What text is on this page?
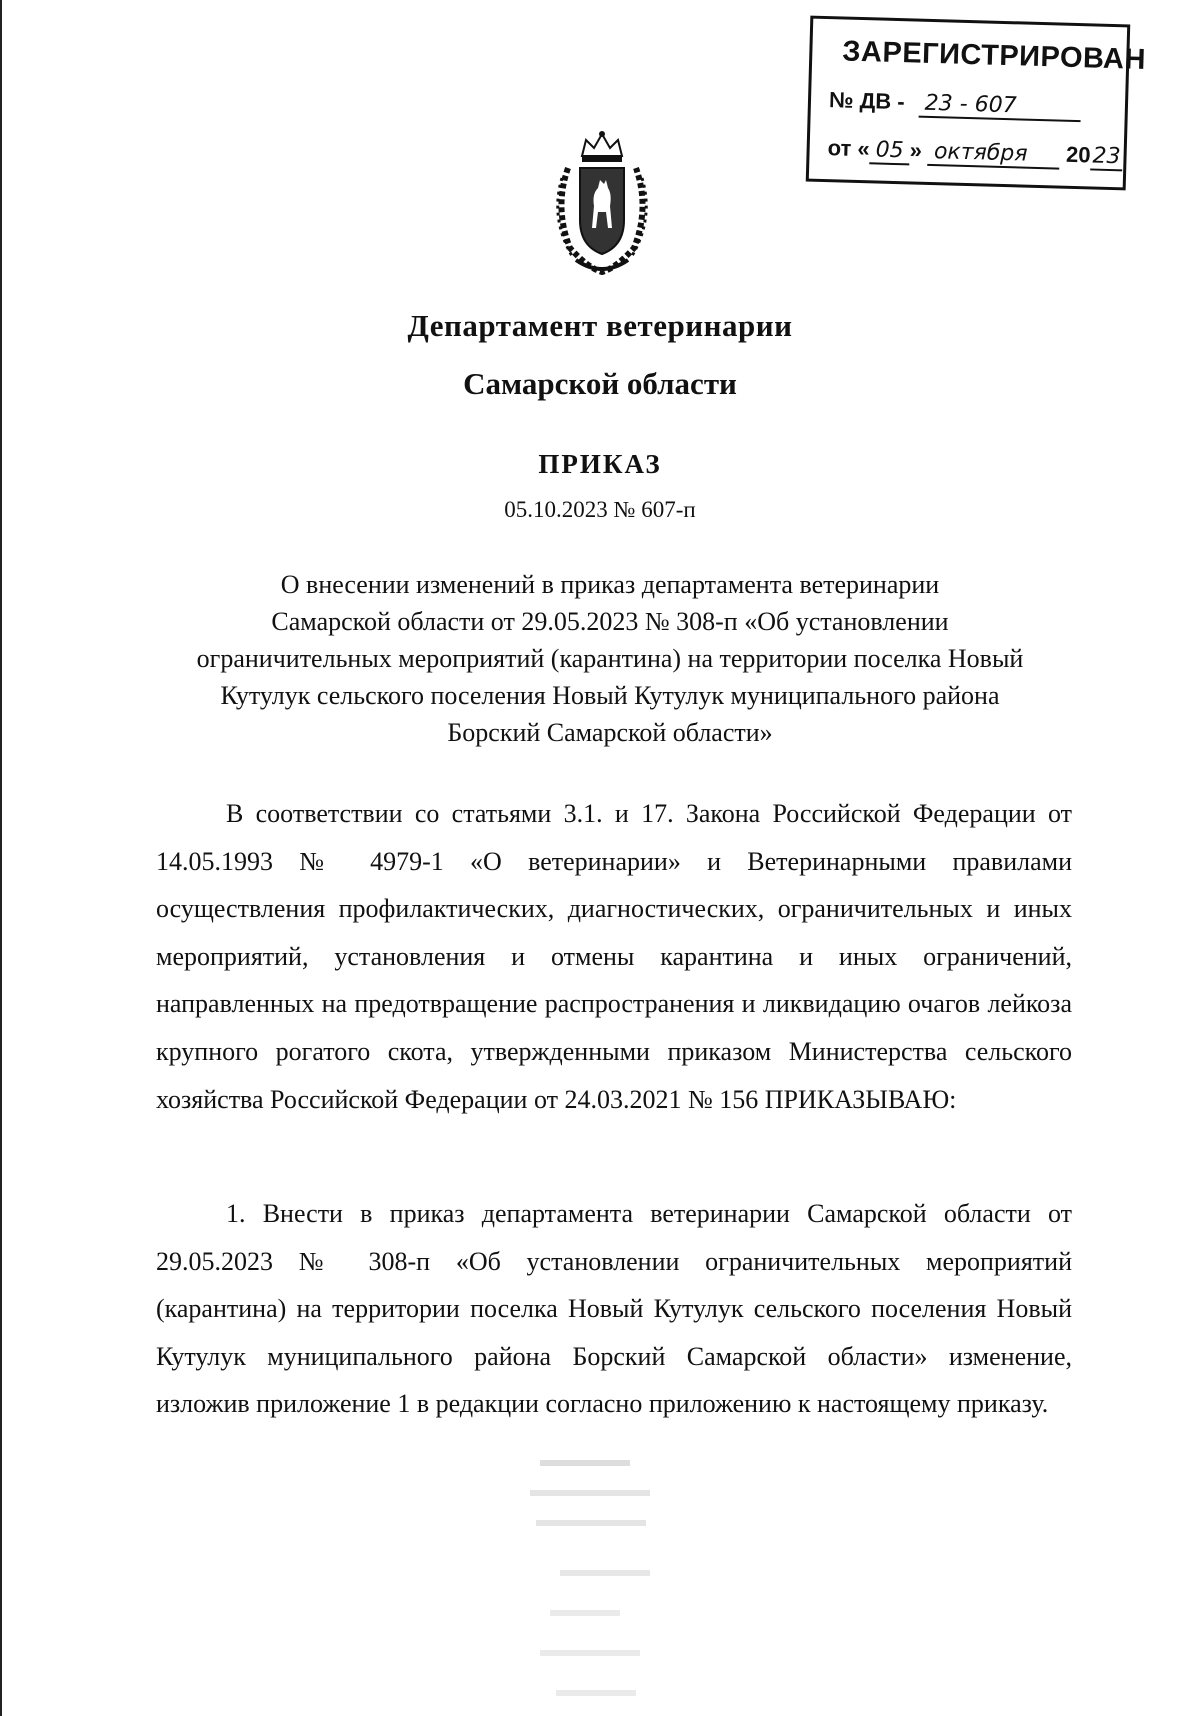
ЗАРЕГИСТРИРОВАН
№ ДВ - 23 - 607
от « 05 » октября 2023
Департамент ветеринарии
Самарской области
ПРИКАЗ
05.10.2023 № 607-п
О внесении изменений в приказ департамента ветеринарии
Самарской области от 29.05.2023 № 308-п «Об установлении
ограничительных мероприятий (карантина) на территории поселка Новый
Кутулук сельского поселения Новый Кутулук муниципального района
Борский Самарской области»
В соответствии со статьями 3.1. и 17. Закона Российской Федерации от 14.05.1993 № 4979-1 «О ветеринарии» и Ветеринарными правилами осуществления профилактических, диагностических, ограничительных и иных мероприятий, установления и отмены карантина и иных ограничений, направленных на предотвращение распространения и ликвидацию очагов лейкоза крупного рогатого скота, утвержденными приказом Министерства сельского хозяйства Российской Федерации от 24.03.2021 № 156 ПРИКАЗЫВАЮ:
1. Внести в приказ департамента ветеринарии Самарской области от 29.05.2023 № 308-п «Об установлении ограничительных мероприятий (карантина) на территории поселка Новый Кутулук сельского поселения Новый Кутулук муниципального района Борский Самарской области» изменение, изложив приложение 1 в редакции согласно приложению к настоящему приказу.
